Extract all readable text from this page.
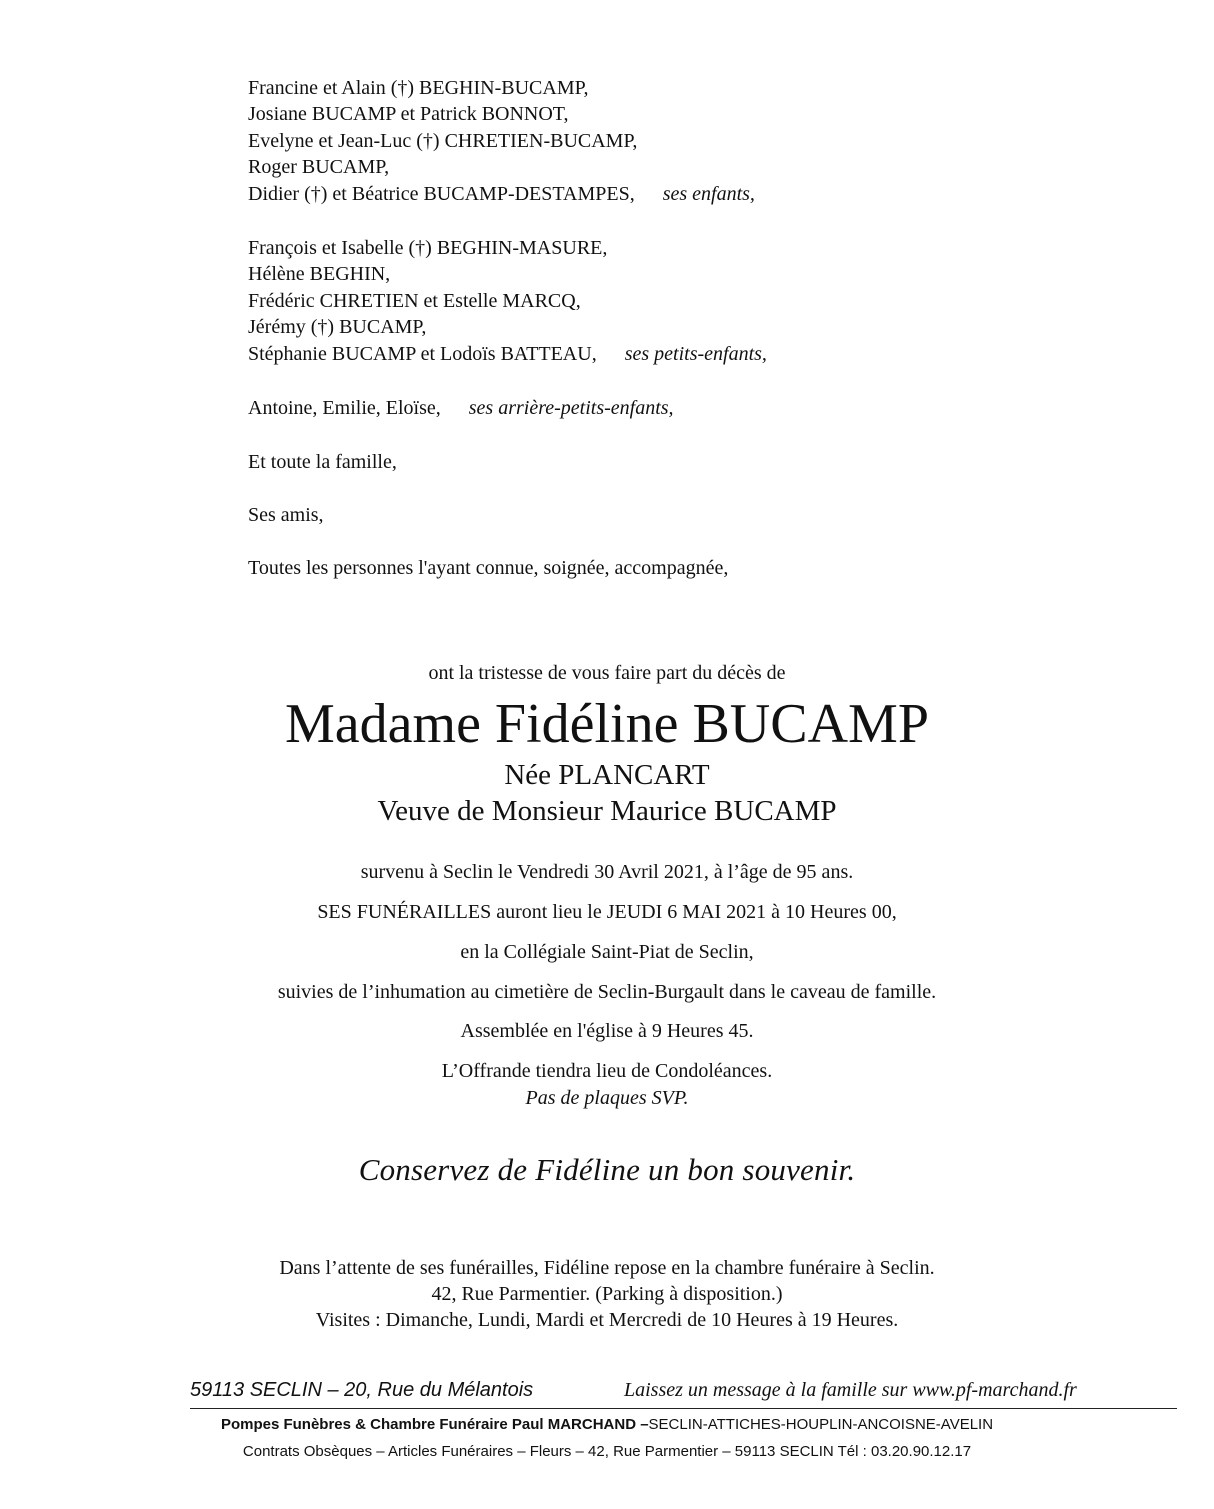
Francine et Alain (†) BEGHIN-BUCAMP,
Josiane BUCAMP et Patrick BONNOT,
Evelyne et Jean-Luc (†) CHRETIEN-BUCAMP,
Roger BUCAMP,
Didier (†) et Béatrice BUCAMP-DESTAMPES, ses enfants,
François et Isabelle (†) BEGHIN-MASURE,
Hélène BEGHIN,
Frédéric CHRETIEN et Estelle MARCQ,
Jérémy (†) BUCAMP,
Stéphanie BUCAMP et Lodoïs BATTEAU, ses petits-enfants,
Antoine, Emilie, Eloïse, ses arrière-petits-enfants,
Et toute la famille,
Ses amis,
Toutes les personnes l'ayant connue, soignée, accompagnée,
ont la tristesse de vous faire part du décès de
Madame Fidéline BUCAMP
Née PLANCART
Veuve de Monsieur Maurice BUCAMP
survenu à Seclin le Vendredi 30 Avril 2021, à l’âge de 95 ans.
SES FUNÉRAILLES auront lieu le JEUDI 6 MAI 2021 à 10 Heures 00,
en la Collégiale Saint-Piat de Seclin,
suivies de l’inhumation au cimetière de Seclin-Burgault dans le caveau de famille.
Assemblée en l'église à 9 Heures 45.
L’Offrande tiendra lieu de Condoléances.
Pas de plaques SVP.
Conservez de Fidéline un bon souvenir.
Dans l’attente de ses funérailles, Fidéline repose en la chambre funéraire à Seclin.
42, Rue Parmentier. (Parking à disposition.)
Visites : Dimanche, Lundi, Mardi et Mercredi de 10 Heures à 19 Heures.
59113 SECLIN – 20, Rue du Mélantois	Laissez un message à la famille sur www.pf-marchand.fr
Pompes Funèbres & Chambre Funéraire Paul MARCHAND –SECLIN-ATTICHES-HOUPLIN-ANCOISNE-AVELIN
Contrats Obsèques – Articles Funéraires – Fleurs – 42, Rue Parmentier – 59113 SECLIN Tél : 03.20.90.12.17
